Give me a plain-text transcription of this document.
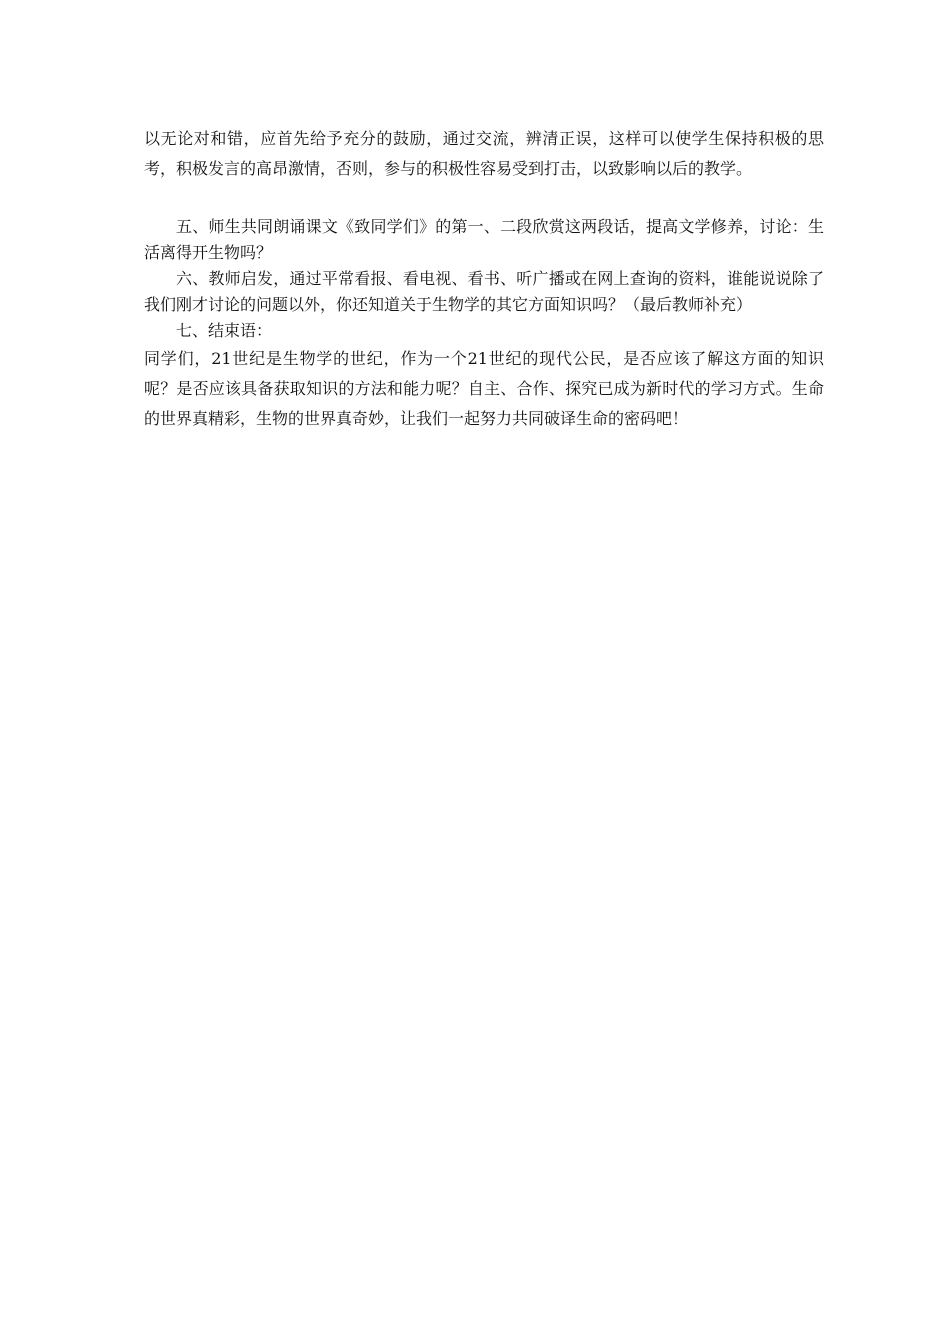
以无论对和错，应首先给予充分的鼓励，通过交流，辨清正误，这样可以使学生保持积极的思考，积极发言的高昂激情，否则，参与的积极性容易受到打击，以致影响以后的教学。

五、师生共同朗诵课文《致同学们》的第一、二段欣赏这两段话，提高文学修养，讨论：生活离得开生物吗？

六、教师启发，通过平常看报、看电视、看书、听广播或在网上查询的资料，谁能说说除了我们刚才讨论的问题以外，你还知道关于生物学的其它方面知识吗？（最后教师补充）

七、结束语：

同学们，21世纪是生物学的世纪，作为一个21世纪的现代公民，是否应该了解这方面的知识呢？是否应该具备获取知识的方法和能力呢？自主、合作、探究已成为新时代的学习方式。生命的世界真精彩，生物的世界真奇妙，让我们一起努力共同破译生命的密码吧！
